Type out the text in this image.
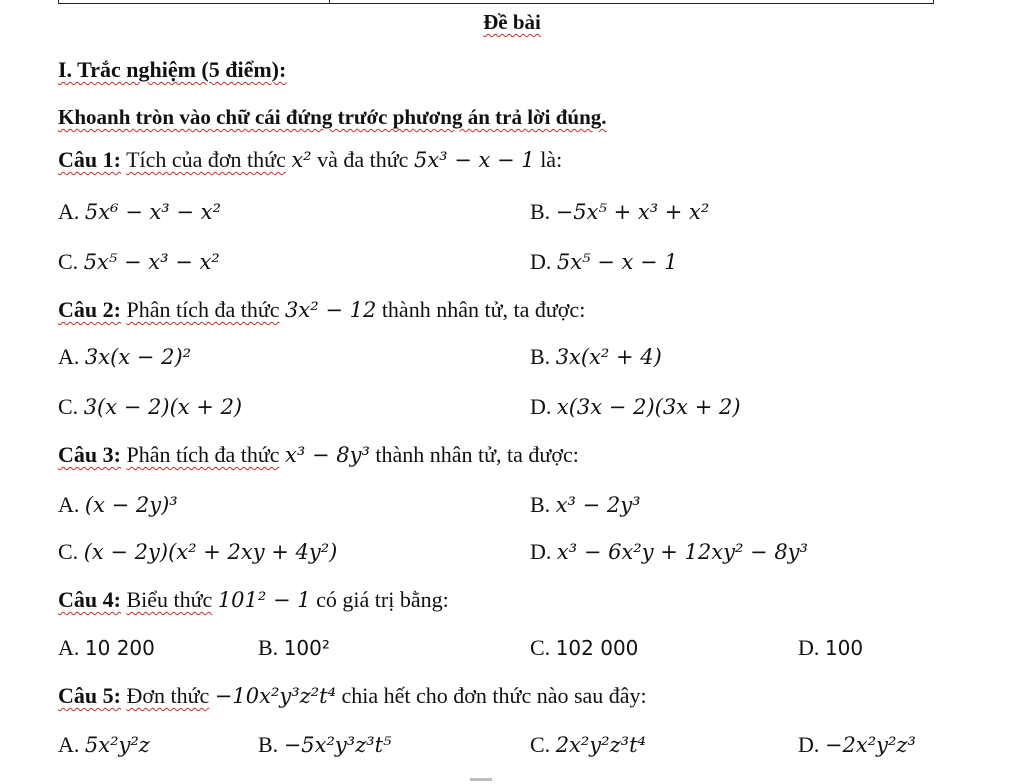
Đề bài
I. Trắc nghiệm (5 điểm):
Khoanh tròn vào chữ cái đứng trước phương án trả lời đúng.
Câu 1: Tích của đơn thức x² và đa thức 5x³ − x − 1 là:
A. 5x⁶ − x³ − x²	B. −5x⁵ + x³ + x²
C. 5x⁵ − x³ − x²	D. 5x⁵ − x − 1
Câu 2: Phân tích đa thức 3x² − 12 thành nhân tử, ta được:
A. 3x(x − 2)²	B. 3x(x² + 4)
C. 3(x − 2)(x + 2)	D. x(3x − 2)(3x + 2)
Câu 3: Phân tích đa thức x³ − 8y³ thành nhân tử, ta được:
A. (x − 2y)³	B. x³ − 2y³
C. (x − 2y)(x² + 2xy + 4y²)	D. x³ − 6x²y + 12xy² − 8y³
Câu 4: Biểu thức 101² − 1 có giá trị bằng:
A. 10 200	B. 100²	C. 102 000	D. 100
Câu 5: Đơn thức −10x²y³z²t⁴ chia hết cho đơn thức nào sau đây:
A. 5x²y²z	B. −5x²y³z³t⁵	C. 2x²y²z³t⁴	D. −2x²y²z³
